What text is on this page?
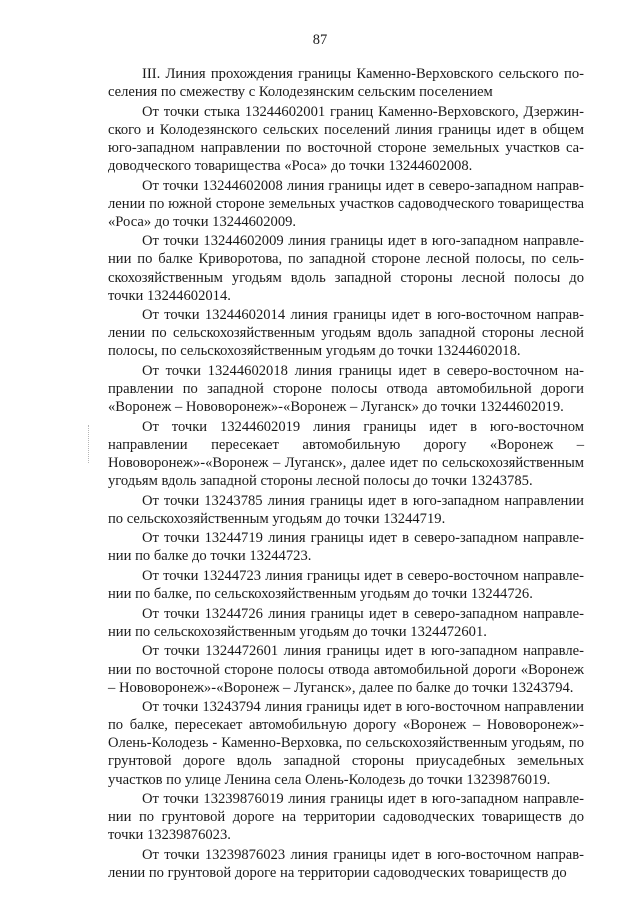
87

III. Линия прохождения границы Каменно-Верховского сельского поселения по смежеству с Колодезянским сельским поселением

От точки стыка 13244602001 границ Каменно-Верховского, Дзержинского и Колодезянского сельских поселений линия границы идет в общем юго-западном направлении по восточной стороне земельных участков садоводческого товарищества «Роса» до точки 13244602008.

От точки 13244602008 линия границы идет в северо-западном направлении по южной стороне земельных участков садоводческого товарищества «Роса» до точки 13244602009.

От точки 13244602009 линия границы идет в юго-западном направлении по балке Криворотова, по западной стороне лесной полосы, по сельскохозяйственным угодьям вдоль западной стороны лесной полосы до точки 13244602014.

От точки 13244602014 линия границы идет в юго-восточном направлении по сельскохозяйственным угодьям вдоль западной стороны лесной полосы, по сельскохозяйственным угодьям до точки 13244602018.

От точки 13244602018 линия границы идет в северо-восточном направлении по западной стороне полосы отвода автомобильной дороги «Воронеж – Нововоронеж»-«Воронеж – Луганск» до точки 13244602019.

От точки 13244602019 линия границы идет в юго-восточном направлении пересекает автомобильную дорогу «Воронеж – Нововоронеж»-«Воронеж – Луганск», далее идет по сельскохозяйственным угодьям вдоль западной стороны лесной полосы до точки 13243785.

От точки 13243785 линия границы идет в юго-западном направлении по сельскохозяйственным угодьям до точки 13244719.

От точки 13244719 линия границы идет в северо-западном направлении по балке до точки 13244723.

От точки 13244723 линия границы идет в северо-восточном направлении по балке, по сельскохозяйственным угодьям до точки 13244726.

От точки 13244726 линия границы идет в северо-западном направлении по сельскохозяйственным угодьям до точки 1324472601.

От точки 1324472601 линия границы идет в юго-западном направлении по восточной стороне полосы отвода автомобильной дороги «Воронеж – Нововоронеж»-«Воронеж – Луганск», далее по балке до точки 13243794.

От точки 13243794 линия границы идет в юго-восточном направлении по балке, пересекает автомобильную дорогу «Воронеж – Нововоронеж»-Олень-Колодезь - Каменно-Верховка, по сельскохозяйственным угодьям, по грунтовой дороге вдоль западной стороны приусадебных земельных участков по улице Ленина села Олень-Колодезь до точки 13239876019.

От точки 13239876019 линия границы идет в юго-западном направлении по грунтовой дороге на территории садоводческих товариществ до точки 13239876023.

От точки 13239876023 линия границы идет в юго-восточном направлении по грунтовой дороге на территории садоводческих товариществ до
